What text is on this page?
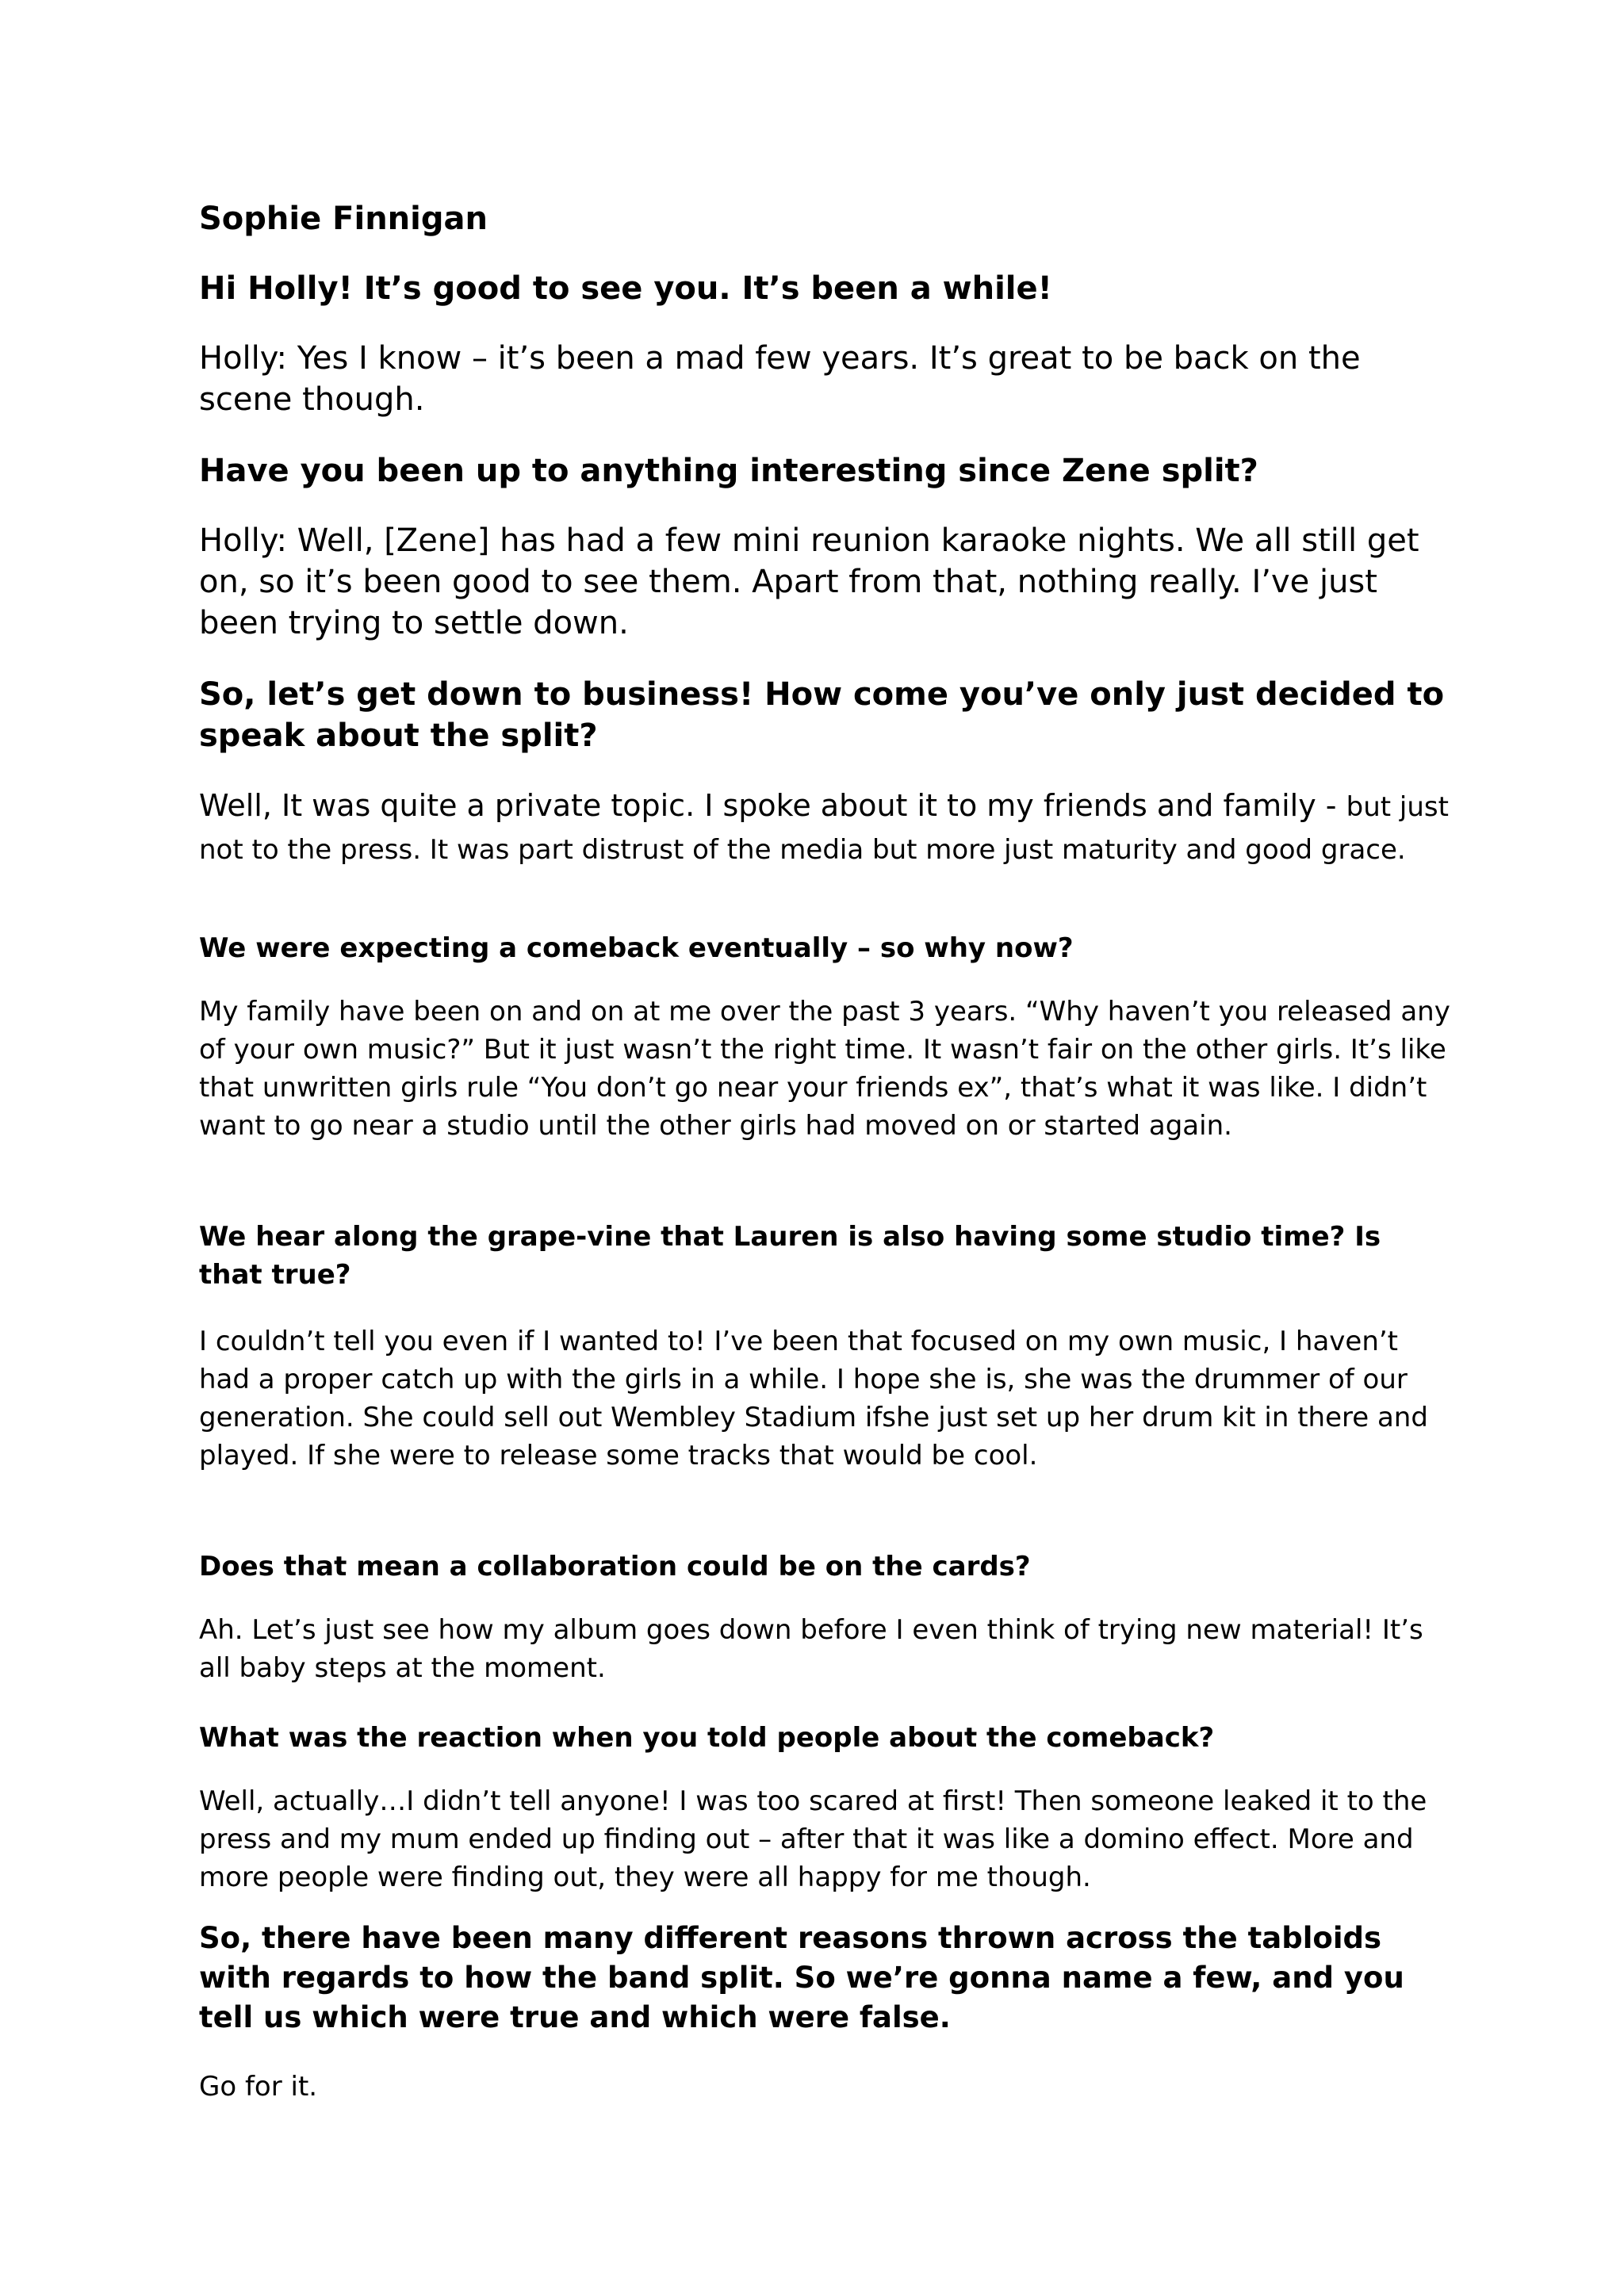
Sophie Finnigan

Hi Holly! It’s good to see you. It’s been a while!

Holly: Yes I know – it’s been a mad few years. It’s great to be back on the scene though.

Have you been up to anything interesting since Zene split?

Holly: Well, [Zene] has had a few mini reunion karaoke nights. We all still get on, so it’s been good to see them. Apart from that, nothing really. I’ve just been trying to settle down.

So, let’s get down to business! How come you’ve only just decided to speak about the split?

Well, It was quite a private topic. I spoke about it to my friends and family - but just not to the press. It was part distrust of the media but more just maturity and good grace.

We were expecting a comeback eventually – so why now?

My family have been on and on at me over the past 3 years. “Why haven’t you released any of your own music?” But it just wasn’t the right time. It wasn’t fair on the other girls. It’s like that unwritten girls rule “You don’t go near your friends ex”, that’s what it was like. I didn’t want to go near a studio until the other girls had moved on or started again.

We hear along the grape-vine that Lauren is also having some studio time? Is that true?

I couldn’t tell you even if I wanted to! I’ve been that focused on my own music, I haven’t had a proper catch up with the girls in a while. I hope she is, she was the drummer of our generation. She could sell out Wembley Stadium ifshe just set up her drum kit in there and played. If she were to release some tracks that would be cool.

Does that mean a collaboration could be on the cards?

Ah. Let’s just see how my album goes down before I even think of trying new material! It’s all baby steps at the moment.

What was the reaction when you told people about the comeback?

Well, actually…I didn’t tell anyone! I was too scared at first! Then someone leaked it to the press and my mum ended up finding out – after that it was like a domino effect. More and more people were finding out, they were all happy for me though.

So, there have been many different reasons thrown across the tabloids with regards to how the band split. So we’re gonna name a few, and you tell us which were true and which were false.

Go for it.
